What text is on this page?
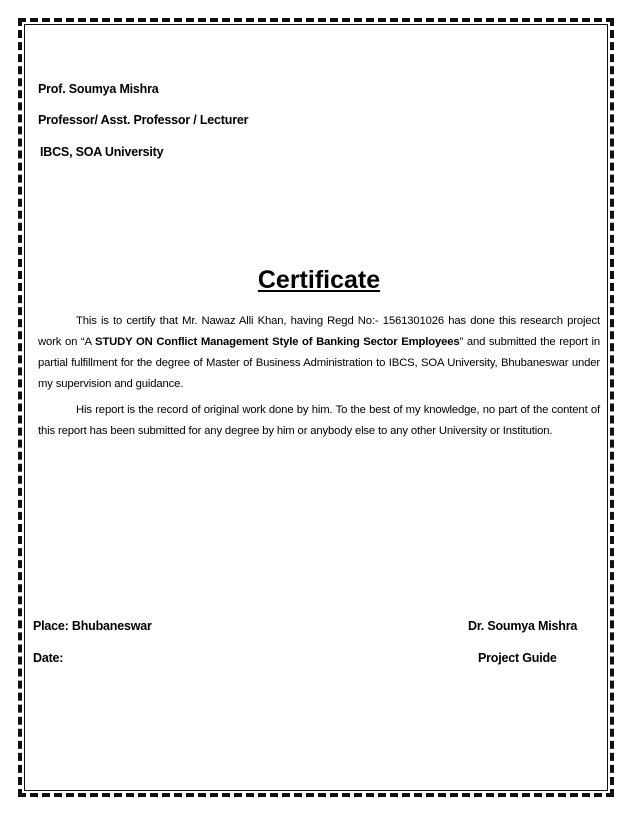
Prof. Soumya Mishra
Professor/ Asst. Professor / Lecturer
IBCS, SOA University
Certificate
This is to certify that Mr. Nawaz Alli Khan, having Regd No:- 1561301026 has done this research project work on “A STUDY ON Conflict Management Style of Banking Sector Employees” and submitted the report in partial fulfillment for the degree of Master of Business Administration to IBCS, SOA University, Bhubaneswar under my supervision and guidance.
His report is the record of original work done by him. To the best of my knowledge, no part of the content of this report has been submitted for any degree by him or anybody else to any other University or Institution.
Place: Bhubaneswar
Date:
Dr. Soumya Mishra
Project Guide
